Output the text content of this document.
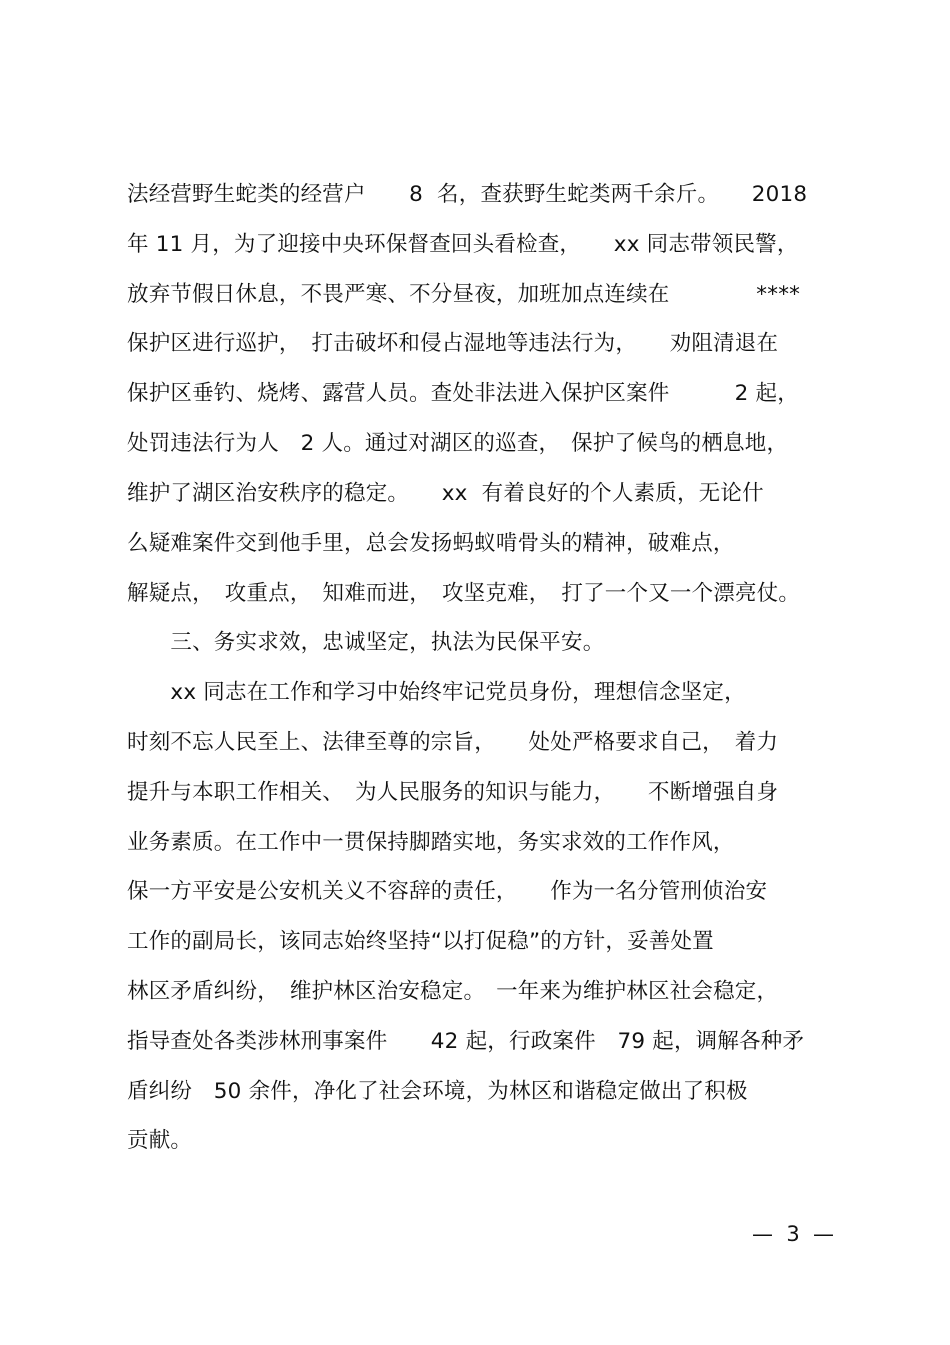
法经营野生蛇类的经营户　　8  名，查获野生蛇类两千余斤。　　2018
年 11 月，为了迎接中央环保督查回头看检查，　　xx 同志带领民警，
放弃节假日休息，不畏严寒、不分昼夜，加班加点连续在　　　　****
保护区进行巡护，　打击破坏和侵占湿地等违法行为，　　劝阻清退在
保护区垂钓、烧烤、露营人员。查处非法进入保护区案件　　　2 起，
处罚违法行为人　2 人。通过对湖区的巡查，　保护了候鸟的栖息地，
维护了湖区治安秩序的稳定。　　xx  有着良好的个人素质，无论什
么疑难案件交到他手里，总会发扬蚂蚁啃骨头的精神，破难点，
解疑点，　攻重点，　知难而进，　攻坚克难，　打了一个又一个漂亮仗。
　　三、务实求效，忠诚坚定，执法为民保平安。
　　xx 同志在工作和学习中始终牢记党员身份，理想信念坚定，
时刻不忘人民至上、法律至尊的宗旨，　　处处严格要求自己，　着力
提升与本职工作相关、　为人民服务的知识与能力，　　不断增强自身
业务素质。在工作中一贯保持脚踏实地，务实求效的工作作风，
保一方平安是公安机关义不容辞的责任，　　作为一名分管刑侦治安
工作的副局长，该同志始终坚持“以打促稳”的方针，妥善处置
林区矛盾纠纷，　维护林区治安稳定。　一年来为维护林区社会稳定，
指导查处各类涉林刑事案件　　42 起，行政案件　79 起，调解各种矛
盾纠纷　50 余件，净化了社会环境，为林区和谐稳定做出了积极
贡献。
—  3  —
